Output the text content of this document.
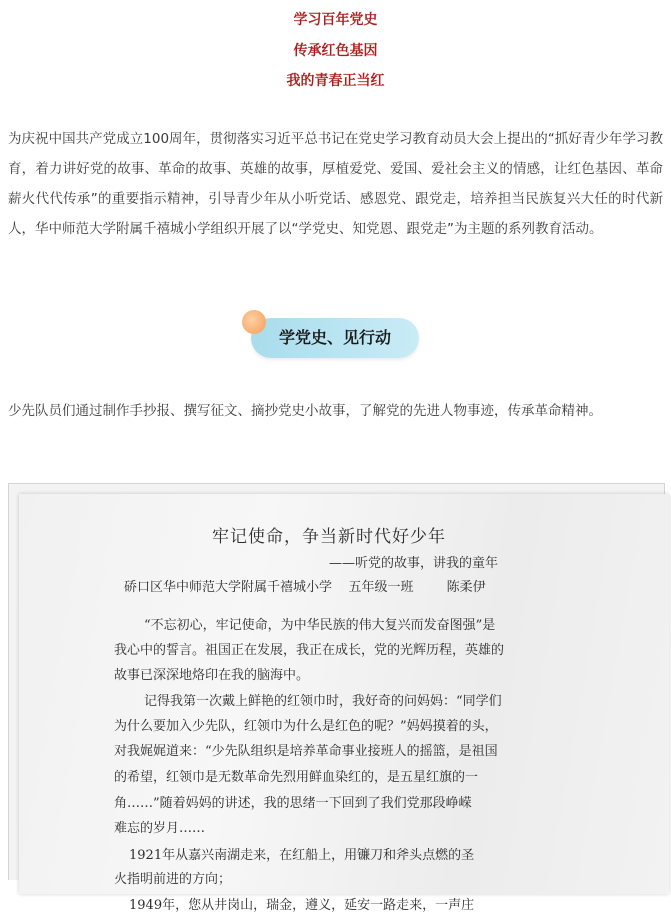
学习百年党史
传承红色基因
我的青春正当红

为庆祝中国共产党成立100周年，贯彻落实习近平总书记在党史学习教育动员大会上提出的“抓好青少年学习教育，着力讲好党的故事、革命的故事、英雄的故事，厚植爱党、爱国、爱社会主义的情感，让红色基因、革命薪火代代传承”的重要指示精神，引导青少年从小听党话、感恩党、跟党走，培养担当民族复兴大任的时代新人，华中师范大学附属千禧城小学组织开展了以“学党史、知党恩、跟党走”为主题的系列教育活动。

学党史、见行动

少先队员们通过制作手抄报、撰写征文、摘抄党史小故事，了解党的先进人物事迹，传承革命精神。

牢记使命，争当新时代好少年
——听党的故事，讲我的童年
硚口区华中师范大学附属千禧城小学    五年级一班        陈柔伊
“不忘初心，牢记使命，为中华民族的伟大复兴而发奋图强”是
我心中的誓言。祖国正在发展，我正在成长，党的光辉历程，英雄的
故事已深深地烙印在我的脑海中。
记得我第一次戴上鲜艳的红领巾时，我好奇的问妈妈：“同学们
为什么要加入少先队，红领巾为什么是红色的呢？”妈妈摸着的头，
对我娓娓道来：“少先队组织是培养革命事业接班人的摇篮，是祖国
的希望，红领巾是无数革命先烈用鲜血染红的，是五星红旗的一
角……”随着妈妈的讲述，我的思绪一下回到了我们党那段峥嵘
难忘的岁月……
1921年从嘉兴南湖走来，在红船上，用镰刀和斧头点燃的圣
火指明前进的方向；
1949年，您从井岗山，瑞金，遵义，延安一路走来，一声庄
